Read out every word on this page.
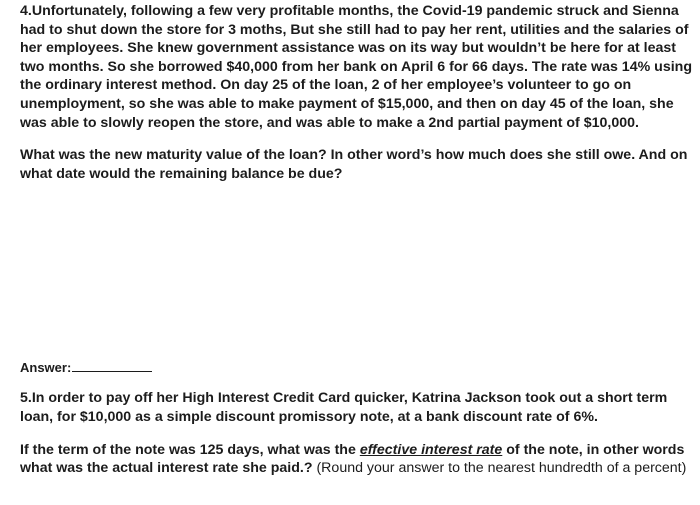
4.Unfortunately, following a few very profitable months, the Covid-19 pandemic struck and Sienna had to shut down the store for 3 moths, But she still had to pay her rent, utilities and the salaries of her employees. She knew government assistance was on its way but wouldn’t be here for at least two months. So she borrowed $40,000 from her bank on April 6 for 66 days. The rate was 14% using the ordinary interest method. On day 25 of the loan, 2 of her employee’s volunteer to go on unemployment, so she was able to make payment of $15,000, and then on day 45 of the loan, she was able to slowly reopen the store, and was able to make a 2nd partial payment of $10,000.

What was the new maturity value of the loan? In other word’s how much does she still owe. And on what date would the remaining balance be due?

Answer:

5.In order to pay off her High Interest Credit Card quicker, Katrina Jackson took out a short term loan, for $10,000 as a simple discount promissory note, at a bank discount rate of 6%.

If the term of the note was 125 days, what was the effective interest rate of the note, in other words what was the actual interest rate she paid.? (Round your answer to the nearest hundredth of a percent)
